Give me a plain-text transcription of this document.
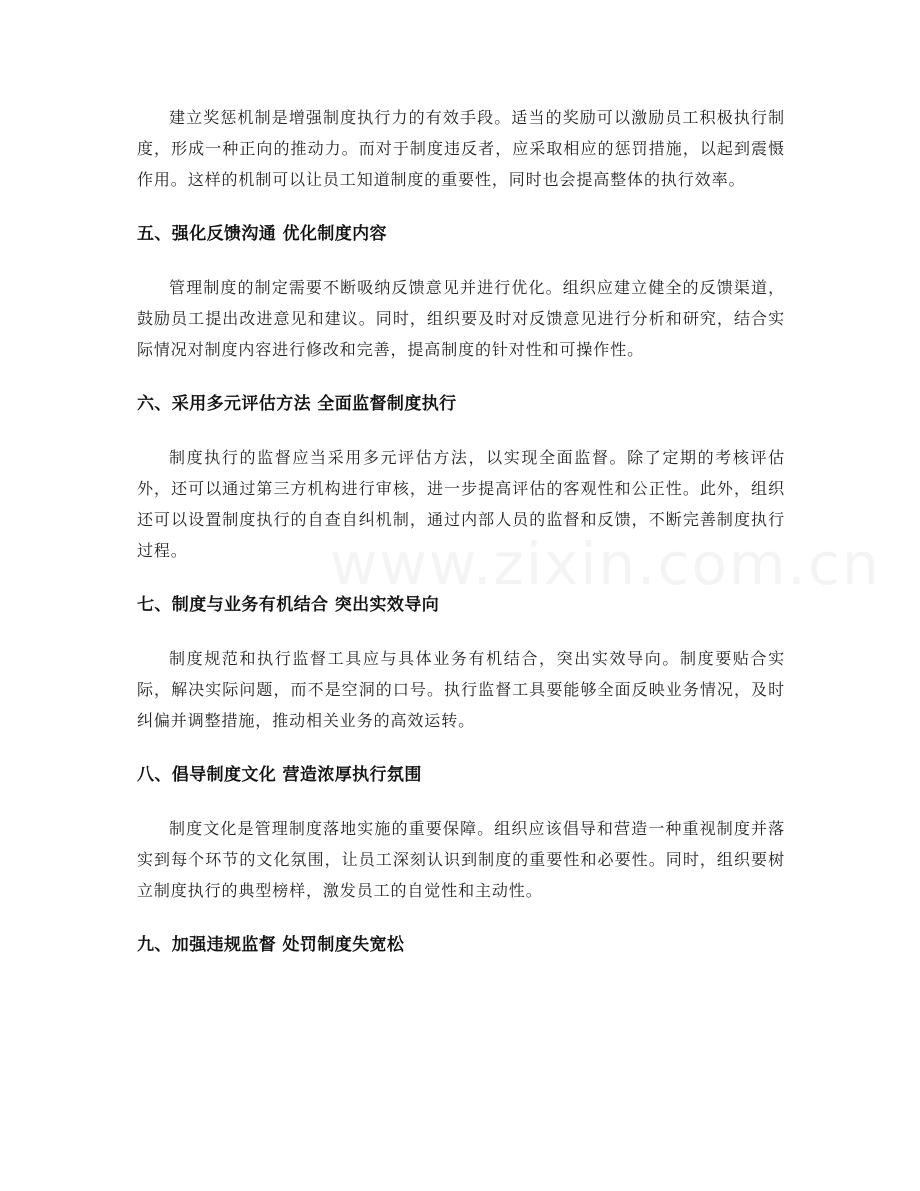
建立奖惩机制是增强制度执行力的有效手段。适当的奖励可以激励员工积极执行制度，形成一种正向的推动力。而对于制度违反者，应采取相应的惩罚措施，以起到震慑作用。这样的机制可以让员工知道制度的重要性，同时也会提高整体的执行效率。

五、强化反馈沟通 优化制度内容

管理制度的制定需要不断吸纳反馈意见并进行优化。组织应建立健全的反馈渠道，鼓励员工提出改进意见和建议。同时，组织要及时对反馈意见进行分析和研究，结合实际情况对制度内容进行修改和完善，提高制度的针对性和可操作性。

六、采用多元评估方法 全面监督制度执行

制度执行的监督应当采用多元评估方法，以实现全面监督。除了定期的考核评估外，还可以通过第三方机构进行审核，进一步提高评估的客观性和公正性。此外，组织还可以设置制度执行的自查自纠机制，通过内部人员的监督和反馈，不断完善制度执行过程。

七、制度与业务有机结合 突出实效导向

制度规范和执行监督工具应与具体业务有机结合，突出实效导向。制度要贴合实际，解决实际问题，而不是空洞的口号。执行监督工具要能够全面反映业务情况，及时纠偏并调整措施，推动相关业务的高效运转。

八、倡导制度文化 营造浓厚执行氛围

制度文化是管理制度落地实施的重要保障。组织应该倡导和营造一种重视制度并落实到每个环节的文化氛围，让员工深刻认识到制度的重要性和必要性。同时，组织要树立制度执行的典型榜样，激发员工的自觉性和主动性。

九、加强违规监督 处罚制度失宽松
